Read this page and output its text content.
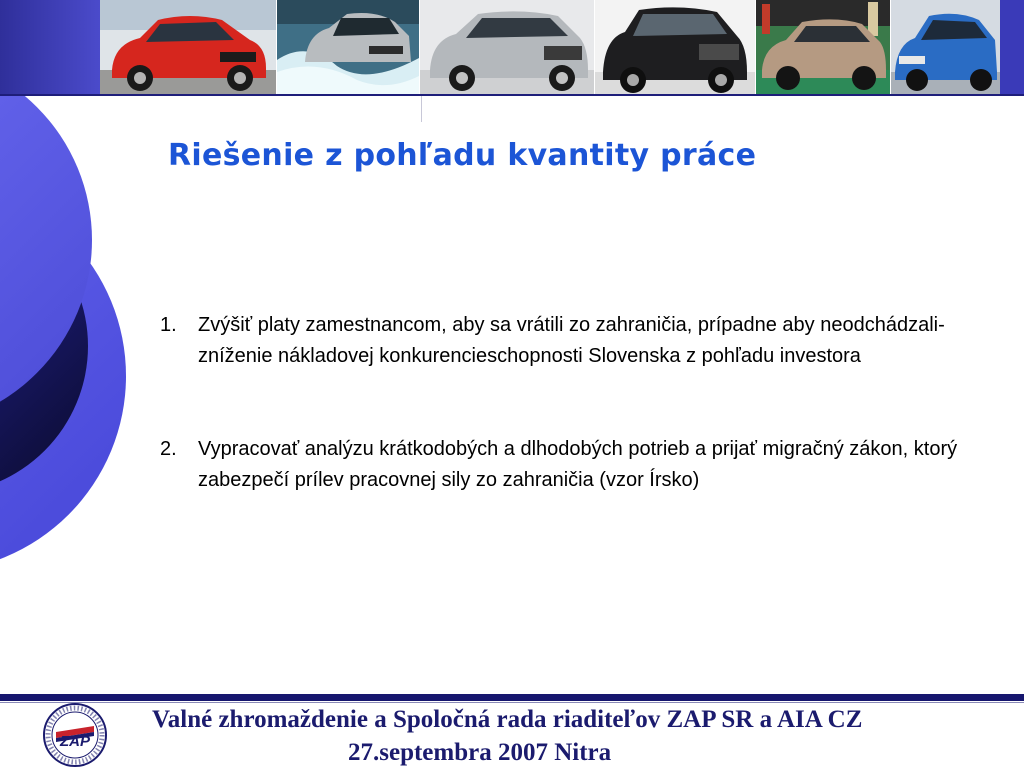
Riešenie z pohľadu kvantity práce
1. Zvýšiť platy zamestnancom, aby sa vrátili zo zahraničia, prípadne aby neodchádzali- zníženie nákladovej konkurencieschopnosti Slovenska z pohľadu investora
2. Vypracovať analýzu krátkodobých a dlhodobých potrieb a prijať migračný zákon, ktorý zabezpečí prílev pracovnej sily zo zahraničia (vzor Írsko)
ZAP

Valné zhromaždenie a Spoločná rada riaditeľov ZAP SR a AIA CZ

27.septembra 2007 Nitra
